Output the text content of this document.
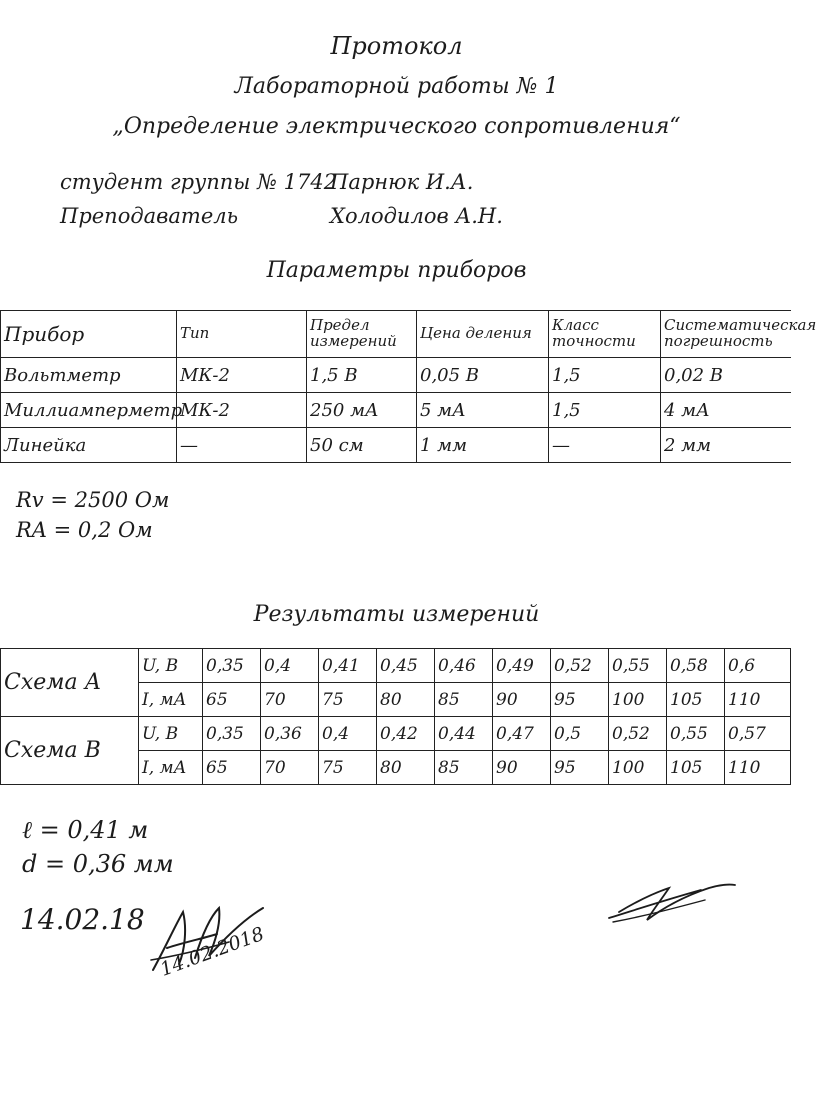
Протокол
Лабораторной работы № 1
„Определение электрического сопротивления“
студент группы № 1742
Парнюк И.А.
Преподаватель	Холодилов А.Н.
Параметры приборов
Прибор	Тип	Предел измерений	Цена деления	Класс точности	Систематическая погрешность
Вольтметр	МК-2	1,5 В	0,05 В	1,5	0,02 В
Миллиамперметр	МК-2	250 мА	5 мА	1,5	4 мА
Линейка	—	50 см	1 мм	—	2 мм
Rv = 2500 Ом
RA = 0,2 Ом
Результаты измерений
Схема А	U, В	0,35	0,4	0,41	0,45	0,46	0,49	0,52	0,55	0,58	0,6
	I, мА	65	70	75	80	85	90	95	100	105	110
Схема В	U, В	0,35	0,36	0,4	0,42	0,44	0,47	0,5	0,52	0,55	0,57
	I, мА	65	70	75	80	85	90	95	100	105	110
ℓ = 0,41 м
d = 0,36 мм
14.02.18
14.02.2018
